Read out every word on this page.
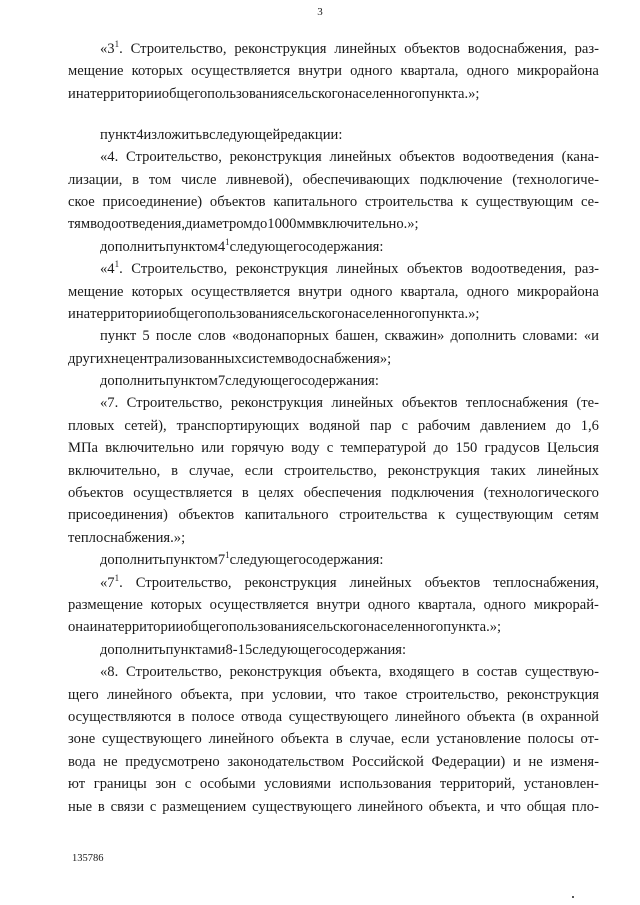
3
«$3^1$. Строительство, реконструкция линейных объектов водоснабжения, раз-
мещение которых осуществляется внутри одного квартала, одного микрорайона
и на территории общего пользования сельского населенного пункта.»;
пункт 4 изложить в следующей редакции:
«4. Строительство, реконструкция линейных объектов водоотведения (кана-
лизации, в том числе ливневой), обеспечивающих подключение (технологиче-
ское присоединение) объектов капитального строительства к существующим се-
тям водоотведения, диаметром до 1000 мм включительно.»;
дополнить пунктом $4^1$ следующего содержания:
«$4^1$. Строительство, реконструкция линейных объектов водоотведения, раз-
мещение которых осуществляется внутри одного квартала, одного микрорайона
и на территории общего пользования сельского населенного пункта.»;
пункт 5 после слов «водонапорных башен, скважин» дополнить словами: «и
других нецентрализованных систем водоснабжения»;
дополнить пунктом 7 следующего содержания:
«7. Строительство, реконструкция линейных объектов теплоснабжения (те-
пловых сетей), транспортирующих водяной пар с рабочим давлением до 1,6
МПа включительно или горячую воду с температурой до 150 градусов Цельсия
включительно, в случае, если строительство, реконструкция таких линейных
объектов осуществляется в целях обеспечения подключения (технологического
присоединения) объектов капитального строительства к существующим сетям
теплоснабжения.»;
дополнить пунктом $7^1$ следующего содержания:
«$7^1$. Строительство, реконструкция линейных объектов теплоснабжения,
размещение которых осуществляется внутри одного квартала, одного микрорай-
она и на территории общего пользования сельского населенного пункта.»;
дополнить пунктами 8 - 15 следующего содержания:
«8. Строительство, реконструкция объекта, входящего в состав существую-
щего линейного объекта, при условии, что такое строительство, реконструкция
осуществляются в полосе отвода существующего линейного объекта (в охранной
зоне существующего линейного объекта в случае, если установление полосы от-
вода не предусмотрено законодательством Российской Федерации) и не изменя-
ют границы зон с особыми условиями использования территорий, установлен-
ные в связи с размещением существующего линейного объекта, и что общая пло-
135786
